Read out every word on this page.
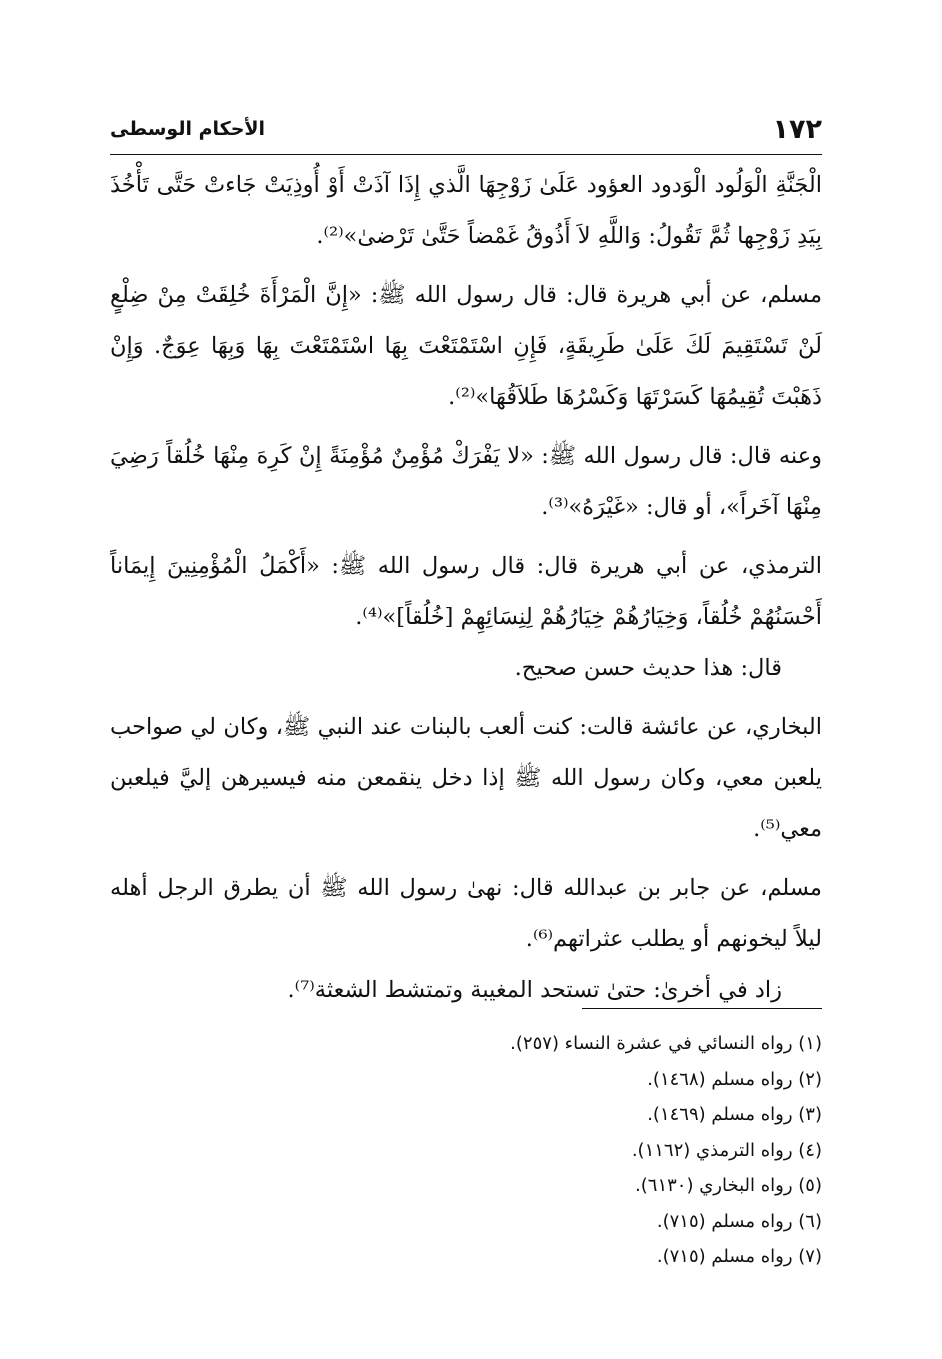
١٧٢
الأحكام الوسطى

الْجَنَّةِ الْوَلُود الْوَدود العؤود عَلَىٰ زَوْجِهَا الَّذي إِذَا آذَتْ أَوْ أُوذِيَتْ جَاءتْ حَتَّى تَأْخُذَ بِيَدِ زَوْجِها ثُمَّ تَقُولُ: وَاللَّهِ لاَ أَذُوقُ غَمْضاً حَتَّىٰ تَرْضىٰ»⁽²⁾.

مسلم، عن أبي هريرة قال: قال رسول الله ﷺ: «إِنَّ الْمَرْأَةَ خُلِقَتْ مِنْ ضِلْعٍ لَنْ تَسْتَقِيمَ لَكَ عَلَىٰ طَرِيقَةٍ، فَإِنِ اسْتَمْتَعْتَ بِهَا اسْتَمْتَعْتَ بِهَا وَبِهَا عِوَجٌ. وَإِنْ ذَهَبْتَ تُقِيمُهَا كَسَرْتَهَا وَكَسْرُهَا طَلاَقُهَا»⁽²⁾.

وعنه قال: قال رسول الله ﷺ: «لا يَفْرَكْ مُؤْمِنٌ مُؤْمِنَةً إِنْ كَرِهَ مِنْهَا خُلُقاً رَضِيَ مِنْهَا آخَراً»، أو قال: «غَيْرَهُ»⁽³⁾.

الترمذي، عن أبي هريرة قال: قال رسول الله ﷺ: «أَكْمَلُ الْمُؤْمِنِينَ إِيمَاناً أَحْسَنُهُمْ خُلُقاً، وَخِيَارُهُمْ خِيَارُهُمْ لِنِسَائِهِمْ [خُلُقاً]»⁽⁴⁾.

قال: هذا حديث حسن صحيح.

البخاري، عن عائشة قالت: كنت ألعب بالبنات عند النبي ﷺ، وكان لي صواحب يلعبن معي، وكان رسول الله ﷺ إذا دخل ينقمعن منه فيسيرهن إليَّ فيلعبن معي⁽⁵⁾.

مسلم، عن جابر بن عبدالله قال: نهىٰ رسول الله ﷺ أن يطرق الرجل أهله ليلاً ليخونهم أو يطلب عثراتهم⁽⁶⁾.

زاد في أخرىٰ: حتىٰ تستحد المغيبة وتمتشط الشعثة⁽⁷⁾.

(١) رواه النسائي في عشرة النساء (٢٥٧).
(٢) رواه مسلم (١٤٦٨).
(٣) رواه مسلم (١٤٦٩).
(٤) رواه الترمذي (١١٦٢).
(٥) رواه البخاري (٦١٣٠).
(٦) رواه مسلم (٧١٥).
(٧) رواه مسلم (٧١٥).
